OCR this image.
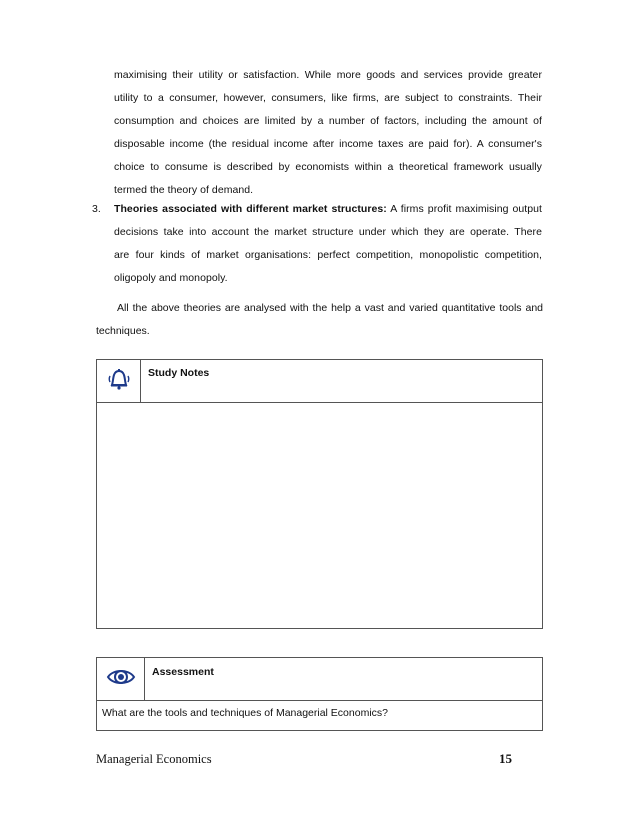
maximising their utility or satisfaction. While more goods and services provide greater
utility to a consumer, however, consumers, like firms, are subject to constraints. Their
consumption and choices are limited by a number of factors, including the amount of
disposable income (the residual income after income taxes are paid for). A consumer's
choice to consume is described by economists within a theoretical framework usually
termed the theory of demand.
3. Theories associated with different market structures: A firms profit maximising output
decisions take into account the market structure under which they are operate. There
are four kinds of market organisations: perfect competition, monopolistic competition,
oligopoly and monopoly.
All the above theories are analysed with the help a vast and varied quantitative tools and
techniques.
Study Notes
Assessment
What are the tools and techniques of Managerial Economics?
Managerial Economics	15
